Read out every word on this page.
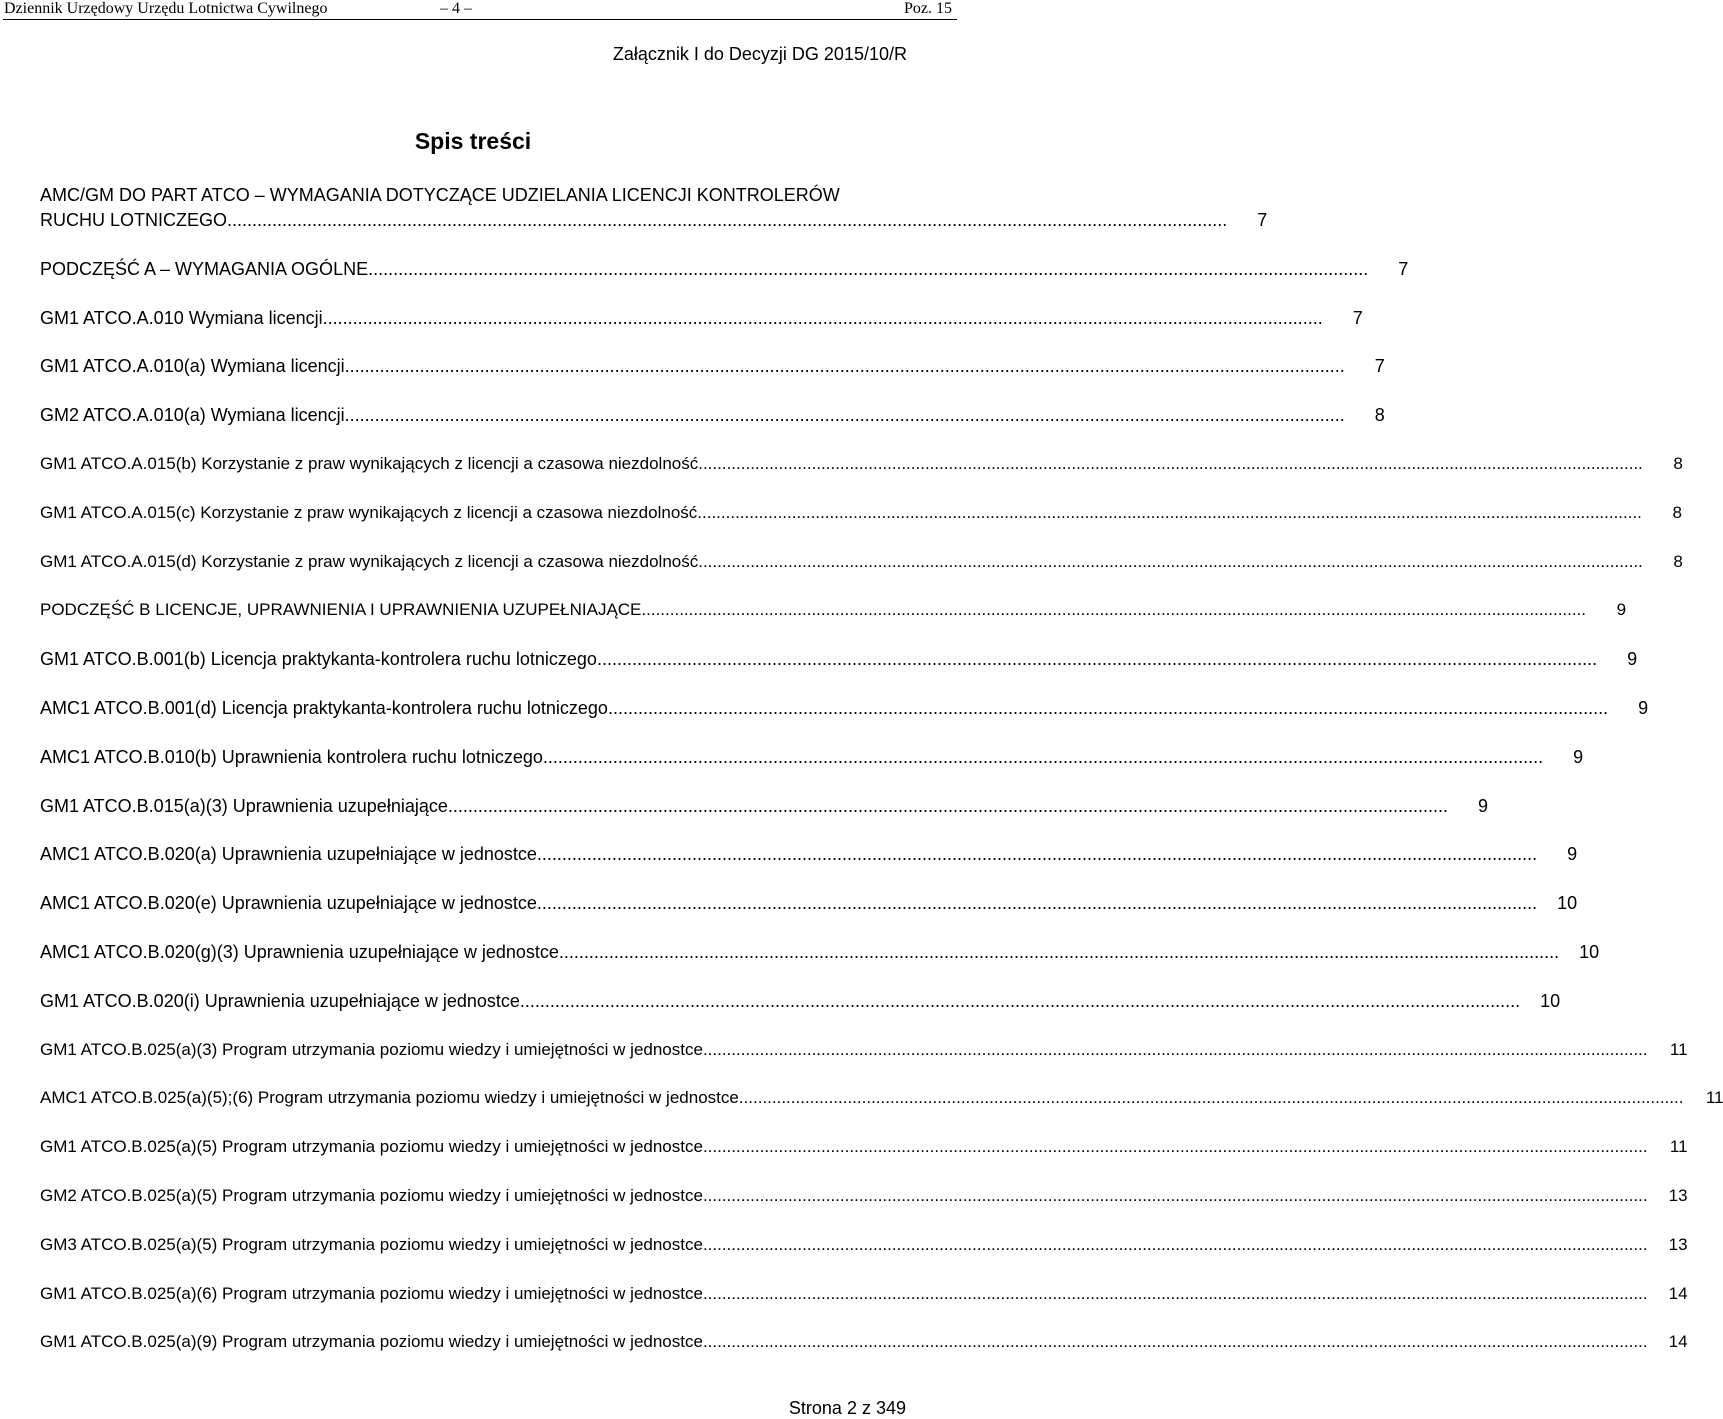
Dziennik Urzędowy Urzędu Lotnictwa Cywilnego	– 4 –	Poz. 15
Załącznik I do Decyzji DG 2015/10/R
Spis treści
AMC/GM DO PART ATCO – WYMAGANIA DOTYCZĄCE UDZIELANIA LICENCJI KONTROLERÓW
RUCHU LOTNICZEGO ........................................................................................................................................................................................................	7
PODCZĘŚĆ A – WYMAGANIA OGÓLNE ........................................................................................................................................................................................................	7
GM1 ATCO.A.010 Wymiana licencji ........................................................................................................................................................................................................	7
GM1 ATCO.A.010(a) Wymiana licencji ........................................................................................................................................................................................................	7
GM2 ATCO.A.010(a) Wymiana licencji ........................................................................................................................................................................................................	8
GM1 ATCO.A.015(b) Korzystanie z praw wynikających z licencji a czasowa niezdolność ........................................................................................................................................................................................................	8
GM1 ATCO.A.015(c) Korzystanie z praw wynikających z licencji a czasowa niezdolność ........................................................................................................................................................................................................	8
GM1 ATCO.A.015(d) Korzystanie z praw wynikających z licencji a czasowa niezdolność ........................................................................................................................................................................................................	8
PODCZĘŚĆ B LICENCJE, UPRAWNIENIA I UPRAWNIENIA UZUPEŁNIAJĄCE ........................................................................................................................................................................................................	9
GM1 ATCO.B.001(b) Licencja praktykanta-kontrolera ruchu lotniczego ........................................................................................................................................................................................................	9
AMC1 ATCO.B.001(d) Licencja praktykanta-kontrolera ruchu lotniczego ........................................................................................................................................................................................................	9
AMC1 ATCO.B.010(b) Uprawnienia kontrolera ruchu lotniczego ........................................................................................................................................................................................................	9
GM1 ATCO.B.015(a)(3) Uprawnienia uzupełniające ........................................................................................................................................................................................................	9
AMC1 ATCO.B.020(a) Uprawnienia uzupełniające w jednostce ........................................................................................................................................................................................................	9
AMC1 ATCO.B.020(e) Uprawnienia uzupełniające w jednostce ........................................................................................................................................................................................................	10
AMC1 ATCO.B.020(g)(3) Uprawnienia uzupełniające w jednostce ........................................................................................................................................................................................................	10
GM1 ATCO.B.020(i) Uprawnienia uzupełniające w jednostce ........................................................................................................................................................................................................	10
GM1 ATCO.B.025(a)(3) Program utrzymania poziomu wiedzy i umiejętności w jednostce ........................................................................................................................................................................................................	11
AMC1 ATCO.B.025(a)(5);(6) Program utrzymania poziomu wiedzy i umiejętności w jednostce ........................................................................................................................................................................................................	11
GM1 ATCO.B.025(a)(5) Program utrzymania poziomu wiedzy i umiejętności w jednostce ........................................................................................................................................................................................................	11
GM2 ATCO.B.025(a)(5) Program utrzymania poziomu wiedzy i umiejętności w jednostce ........................................................................................................................................................................................................	13
GM3 ATCO.B.025(a)(5) Program utrzymania poziomu wiedzy i umiejętności w jednostce ........................................................................................................................................................................................................	13
GM1 ATCO.B.025(a)(6) Program utrzymania poziomu wiedzy i umiejętności w jednostce ........................................................................................................................................................................................................	14
GM1 ATCO.B.025(a)(9) Program utrzymania poziomu wiedzy i umiejętności w jednostce ........................................................................................................................................................................................................	14
Strona 2 z 349
